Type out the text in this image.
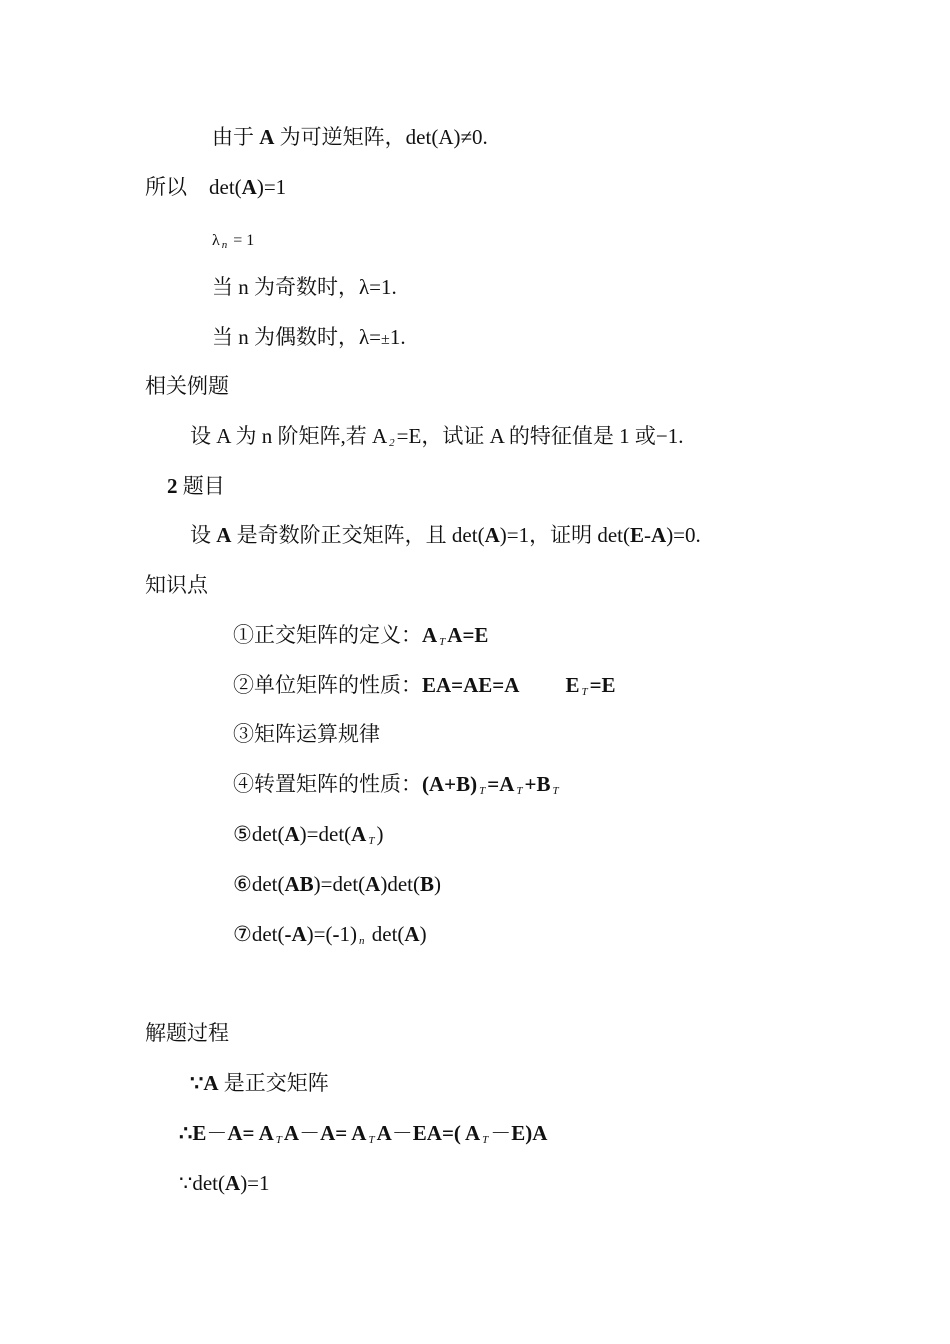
由于 A 为可逆矩阵，det(A)≠0.
所以 det(A)=1
λ $_n$ = 1
当 n 为奇数时，λ=1.
当 n 为偶数时，λ=±1.
相关例题
设 A 为 n 阶矩阵,若 A $_2$=E，试证 A 的特征值是 1 或−1.
2 题目
设 A 是奇数阶正交矩阵，且 det(A)=1，证明 det(E-A)=0.
知识点
①正交矩阵的定义：A $_T$A=E
②单位矩阵的性质：EA=AE=A E $_T$=E
③矩阵运算规律
④转置矩阵的性质：(A+B) $_T$=A $_T$+B $_T$
⑤det(A)=det(A $_T$)
⑥det(AB)=det(A)det(B)
⑦det(-A)=(-1) $_n$ det(A)
解题过程
∵A 是正交矩阵
∴E－A= A $_T$A－A= A $_T$A－EA=( A $_T$－E)A
∵det(A)=1
